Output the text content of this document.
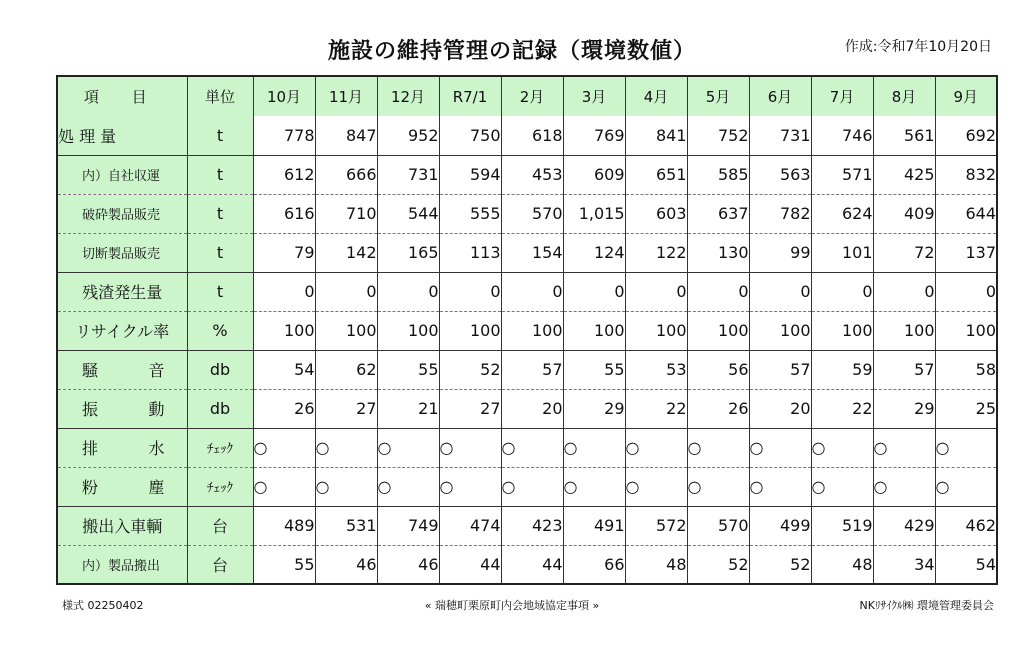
施設の維持管理の記録（環境数値）	作成:令和7年10月20日
項 目	単位	10月	11月	12月	R7/1	2月	3月	4月	5月	6月	7月	8月	9月
処 理 量	t	778	847	952	750	618	769	841	752	731	746	561	692
内）自社収運	t	612	666	731	594	453	609	651	585	563	571	425	832
破砕製品販売	t	616	710	544	555	570	1,015	603	637	782	624	409	644
切断製品販売	t	79	142	165	113	154	124	122	130	99	101	72	137
残渣発生量	t	0	0	0	0	0	0	0	0	0	0	0	0
リサイクル率	%	100	100	100	100	100	100	100	100	100	100	100	100
騒　音	db	54	62	55	52	57	55	53	56	57	59	57	58
振　動	db	26	27	21	27	20	29	22	26	20	22	29	25
排　水	ﾁｪｯｸ	○	○	○	○	○	○	○	○	○	○	○	○
粉　塵	ﾁｪｯｸ	○	○	○	○	○	○	○	○	○	○	○	○
搬出入車輌	台	489	531	749	474	423	491	572	570	499	519	429	462
内）製品搬出	台	55	46	46	44	44	66	48	52	52	48	34	54
様式 02250402	« 瑞穂町栗原町内会地域協定事項 »	NKﾘｻｲｸﾙ㈱ 環境管理委員会
